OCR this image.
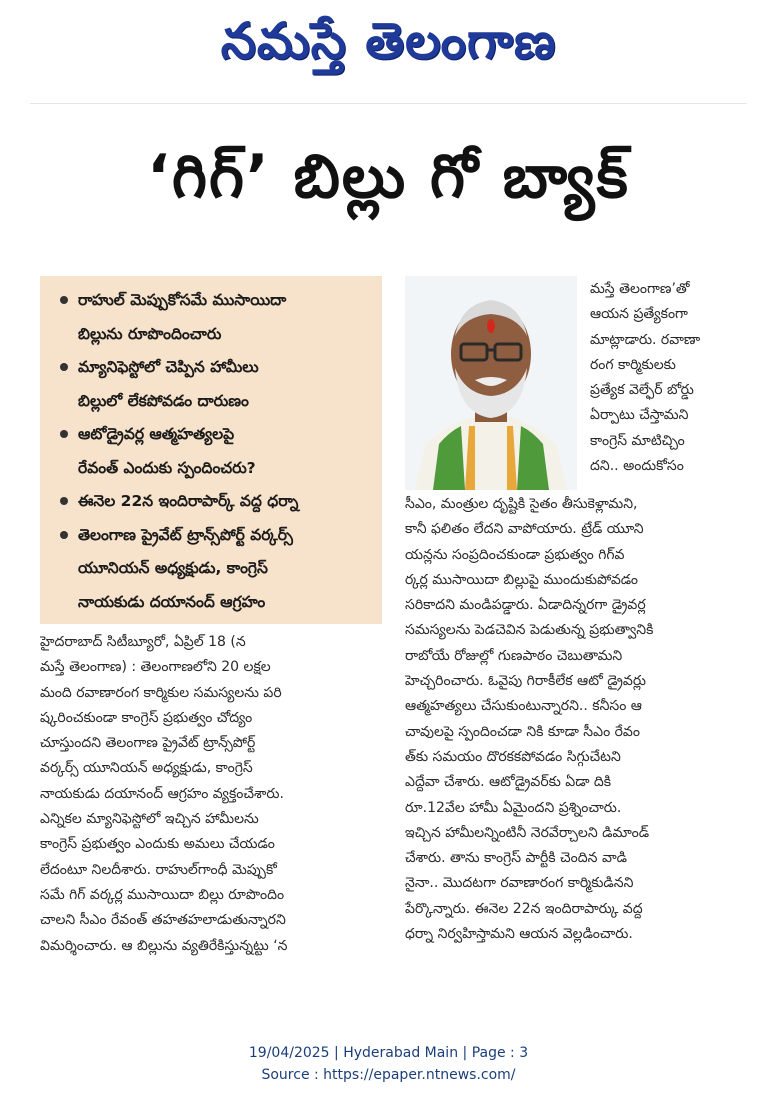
నమస్తే తెలంగాణ
‘గిగ్’ బిల్లు గో బ్యాక్
రాహుల్ మెప్పుకోసమే ముసాయిదా
బిల్లును రూపొందించారు
మ్యానిఫెస్టోలో చెప్పిన హామీలు
బిల్లులో లేకపోవడం దారుణం
ఆటోడ్రైవర్ల ఆత్మహత్యలపై
రేవంత్ ఎందుకు స్పందించరు?
ఈనెల 22న ఇందిరాపార్క్ వద్ద ధర్నా
తెలంగాణ ప్రైవేట్ ట్రాన్స్‌పోర్ట్ వర్కర్స్
యూనియన్ అధ్యక్షుడు, కాంగ్రెస్
నాయకుడు దయానంద్ ఆగ్రహం
మస్తే తెలంగాణ’తో
ఆయన ప్రత్యేకంగా
మాట్లాడారు. రవాణా
రంగ కార్మికులకు
ప్రత్యేక వెల్ఫేర్ బోర్డు
ఏర్పాటు చేస్తామని
కాంగ్రెస్ మాటిచ్చిం
దని.. అందుకోసం
సీఎం, మంత్రుల దృష్టికి సైతం తీసుకెళ్లామని,
కానీ ఫలితం లేదని వాపోయారు. ట్రేడ్ యూని
యన్లను సంప్రదించకుండా ప్రభుత్వం గిగ్‌వ
ర్కర్ల ముసాయిదా బిల్లుపై ముందుకుపోవడం
సరికాదని మండిపడ్డారు. ఏడాదిన్నరగా డ్రైవర్ల
సమస్యలను పెడచెవిన పెడుతున్న ప్రభుత్వానికి
రాబోయే రోజుల్లో గుణపాఠం చెబుతామని
హెచ్చరించారు. ఓవైపు గిరాకీలేక ఆటో డ్రైవర్లు
ఆత్మహత్యలు చేసుకుంటున్నారని.. కనీసం ఆ
చావులపై స్పందించడా నికి కూడా సీఎం రేవం
త్‌కు సమయం దొరకకపోవడం సిగ్గుచేటని
ఎద్దేవా చేశారు. ఆటోడ్రైవర్‌కు ఏడా దికి
రూ.12వేల హామీ ఏమైందని ప్రశ్నించారు.
ఇచ్చిన హామీలన్నింటినీ నెరవేర్చాలని డిమాండ్
చేశారు. తాను కాంగ్రెస్ పార్టీకి చెందిన వాడి
నైనా.. మొదటగా రవాణారంగ కార్మికుడినని
పేర్కొన్నారు. ఈనెల 22న ఇందిరాపార్కు వద్ద
ధర్నా నిర్వహిస్తామని ఆయన వెల్లడించారు.
హైదరాబాద్ సిటీబ్యూరో, ఏప్రిల్ 18 (న
మస్తే తెలంగాణ) : తెలంగాణలోని 20 లక్షల
మంది రవాణారంగ కార్మికుల సమస్యలను పరి
ష్కరించకుండా కాంగ్రెస్ ప్రభుత్వం చోద్యం
చూస్తుందని తెలంగాణ ప్రైవేట్ ట్రాన్స్‌పోర్ట్
వర్కర్స్ యూనియన్ అధ్యక్షుడు, కాంగ్రెస్
నాయకుడు దయానంద్ ఆగ్రహం వ్యక్తంచేశారు.
ఎన్నికల మ్యానిఫెస్టోలో ఇచ్చిన హామీలను
కాంగ్రెస్ ప్రభుత్వం ఎందుకు అమలు చేయడం
లేదంటూ నిలదీశారు. రాహుల్‌గాంధీ మెప్పుకో
సమే గిగ్ వర్కర్ల ముసాయిదా బిల్లు రూపొందిం
చాలని సీఎం రేవంత్ తహతహలాడుతున్నారని
విమర్శించారు. ఆ బిల్లును వ్యతిరేకిస్తున్నట్టు ‘న
19/04/2025 | Hyderabad Main | Page : 3
Source : https://epaper.ntnews.com/
